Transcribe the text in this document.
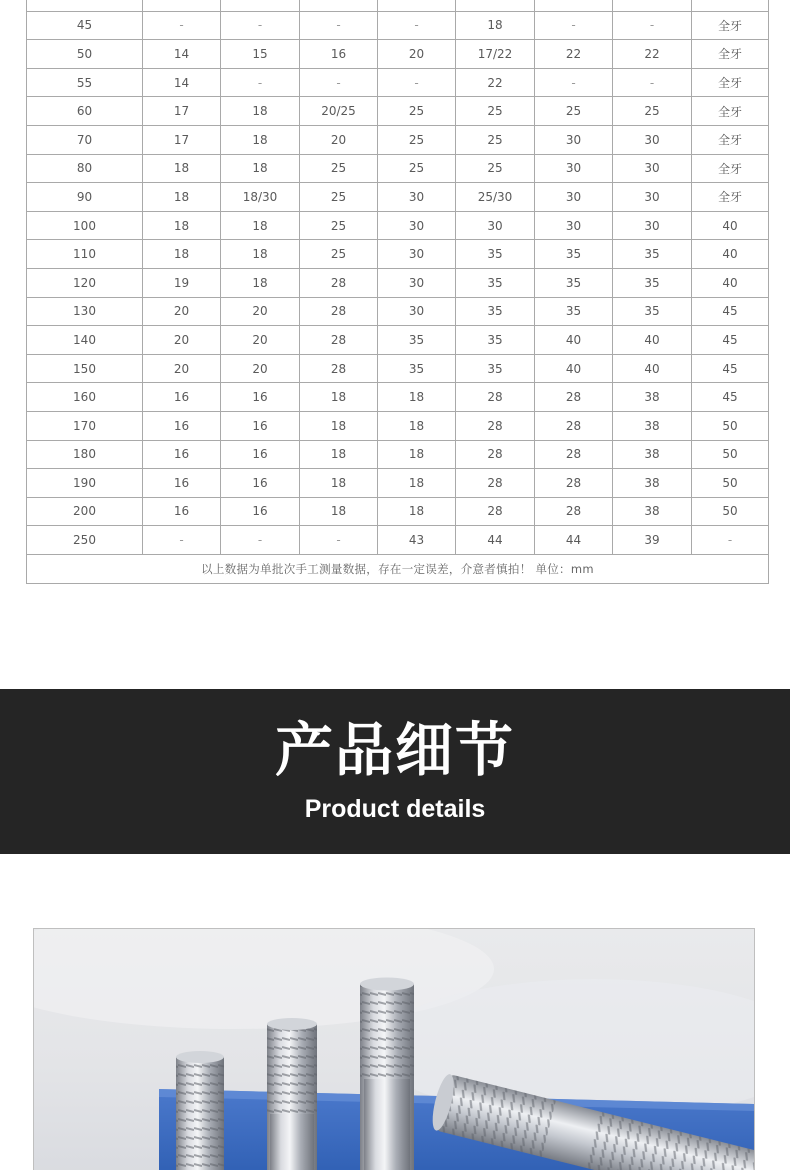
45	-	-	-	-	18	-	-	全牙
50	14	15	16	20	17/22	22	22	全牙
55	14	-	-	-	22	-	-	全牙
60	17	18	20/25	25	25	25	25	全牙
70	17	18	20	25	25	30	30	全牙
80	18	18	25	25	25	30	30	全牙
90	18	18/30	25	30	25/30	30	30	全牙
100	18	18	25	30	30	30	30	40
110	18	18	25	30	35	35	35	40
120	19	18	28	30	35	35	35	40
130	20	20	28	30	35	35	35	45
140	20	20	28	35	35	40	40	45
150	20	20	28	35	35	40	40	45
160	16	16	18	18	28	28	38	45
170	16	16	18	18	28	28	38	50
180	16	16	18	18	28	28	38	50
190	16	16	18	18	28	28	38	50
200	16	16	18	18	28	28	38	50
250	-	-	-	43	44	44	39	-
以上数据为单批次手工测量数据，存在一定误差，介意者慎拍！ 单位：mm								
产品细节
Product details
